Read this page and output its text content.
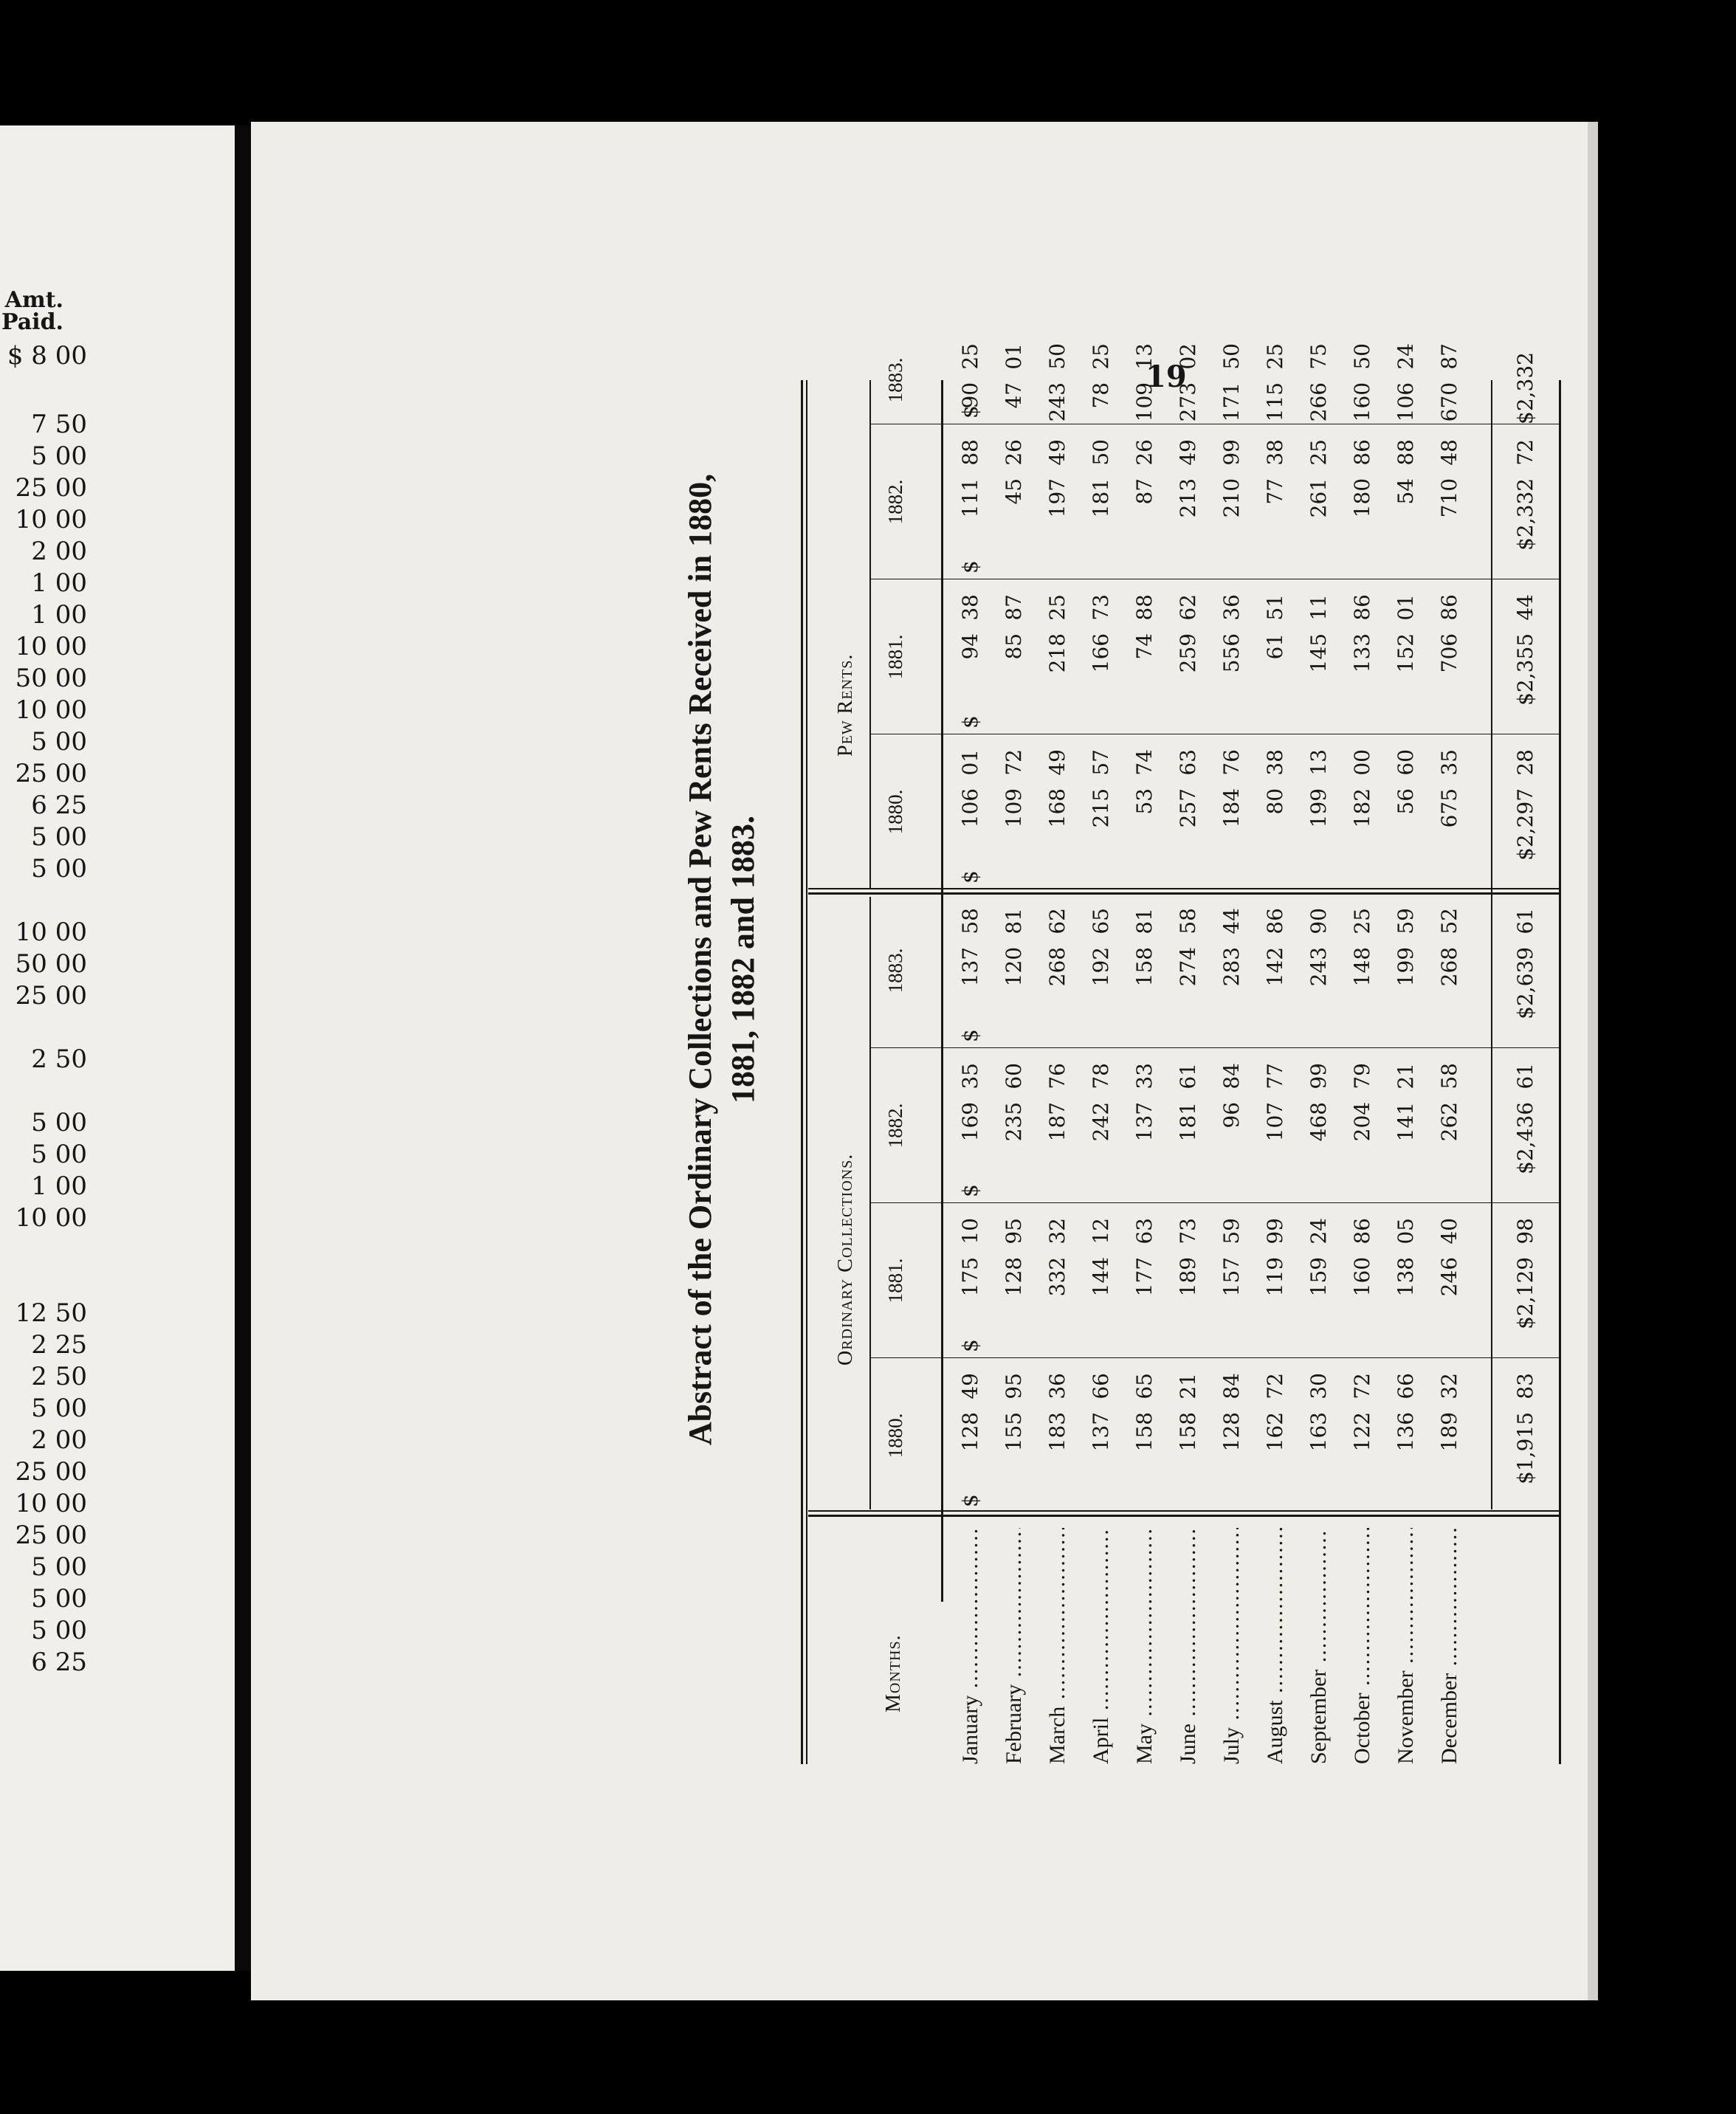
Amt.
Paid.
$ 8 00
7 50
5 00
25 00
10 00
2 00
1 00
1 00
10 00
50 00
10 00
5 00
25 00
6 25
5 00
5 00
10 00
50 00
25 00
2 50
5 00
5 00
1 00
10 00
12 50
2 25
2 50
5 00
2 00
25 00
10 00
25 00
5 00
5 00
5 00
6 25
19
Abstract of the Ordinary Collections and Pew Rents Received in 1880, 1881, 1882 and 1883.
Months.
Ordinary Collections.
Pew Rents.
1880.
1881.
1882.
1883.
1880.
1881.
1882.
1883.
January ..... February ..... March ..... April ..... May ..... June ..... July ..... August ..... September ..... October ..... November ..... December .....
128 49
155 95
183 36
137 66
158 65
158 21
128 84
162 72
163 30
122 72
136 66
189 32
106 01
109 72
168 49
215 57
53 74
257 63
184 76
80 38
199 13
182 00
56 60
675 35
175 10
128 95
332 32
144 12
177 63
189 73
157 59
119 99
159 24
160 86
138 05
246 40
94 38
85 87
218 25
166 73
74 88
259 62
556 36
61 51
145 11
133 86
152 01
706 86
169 35
235 60
187 76
242 78
137 33
181 61
96 84
107 77
468 99
204 79
141 21
262 58
111 88
45 26
197 49
181 50
87 26
213 49
210 99
77 38
261 25
180 86
54 88
710 48
137 58
120 81
268 62
192 65
158 81
274 58
283 44
142 86
243 90
148 25
199 59
268 52
90 25
47 01
243 50
78 25
109 13
273 02
171 50
115 25
266 75
160 50
106 24
670 87
$
$
$
$
$
$
$
$
$1,915 83
$2,129 98
$2,436 61
$2,639 61
$2,297 28
$2,355 44
$2,332 72
$2,332
